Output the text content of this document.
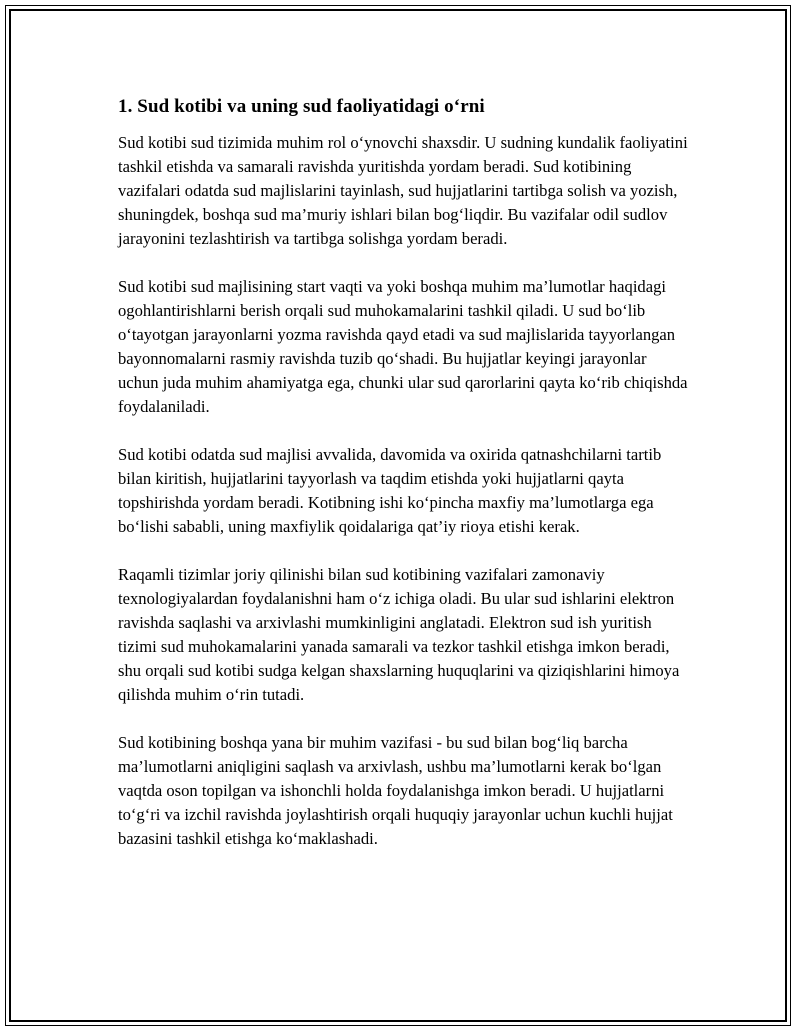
1. Sud kotibi va uning sud faoliyatidagi o‘rni

Sud kotibi sud tizimida muhim rol o‘ynovchi shaxsdir. U sudning kundalik faoliyatini tashkil etishda va samarali ravishda yuritishda yordam beradi. Sud kotibining vazifalari odatda sud majlislarini tayinlash, sud hujjatlarini tartibga solish va yozish, shuningdek, boshqa sud ma’muriy ishlari bilan bog‘liqdir. Bu vazifalar odil sudlov jarayonini tezlashtirish va tartibga solishga yordam beradi.

Sud kotibi sud majlisining start vaqti va yoki boshqa muhim ma’lumotlar haqidagi ogohlantirishlarni berish orqali sud muhokamalarini tashkil qiladi. U sud bo‘lib o‘tayotgan jarayonlarni yozma ravishda qayd etadi va sud majlislarida tayyorlangan bayonnomalarni rasmiy ravishda tuzib qo‘shadi. Bu hujjatlar keyingi jarayonlar uchun juda muhim ahamiyatga ega, chunki ular sud qarorlarini qayta ko‘rib chiqishda foydalaniladi.

Sud kotibi odatda sud majlisi avvalida, davomida va oxirida qatnashchilarni tartib bilan kiritish, hujjatlarini tayyorlash va taqdim etishda yoki hujjatlarni qayta topshirishda yordam beradi. Kotibning ishi ko‘pincha maxfiy ma’lumotlarga ega bo‘lishi sababli, uning maxfiylik qoidalariga qat’iy rioya etishi kerak.

Raqamli tizimlar joriy qilinishi bilan sud kotibining vazifalari zamonaviy texnologiyalardan foydalanishni ham o‘z ichiga oladi. Bu ular sud ishlarini elektron ravishda saqlashi va arxivlashi mumkinligini anglatadi. Elektron sud ish yuritish tizimi sud muhokamalarini yanada samarali va tezkor tashkil etishga imkon beradi, shu orqali sud kotibi sudga kelgan shaxslarning huquqlarini va qiziqishlarini himoya qilishda muhim o‘rin tutadi.

Sud kotibining boshqa yana bir muhim vazifasi - bu sud bilan bog‘liq barcha ma’lumotlarni aniqligini saqlash va arxivlash, ushbu ma’lumotlarni kerak bo‘lgan vaqtda oson topilgan va ishonchli holda foydalanishga imkon beradi. U hujjatlarni to‘g‘ri va izchil ravishda joylashtirish orqali huquqiy jarayonlar uchun kuchli hujjat bazasini tashkil etishga ko‘maklashadi.
